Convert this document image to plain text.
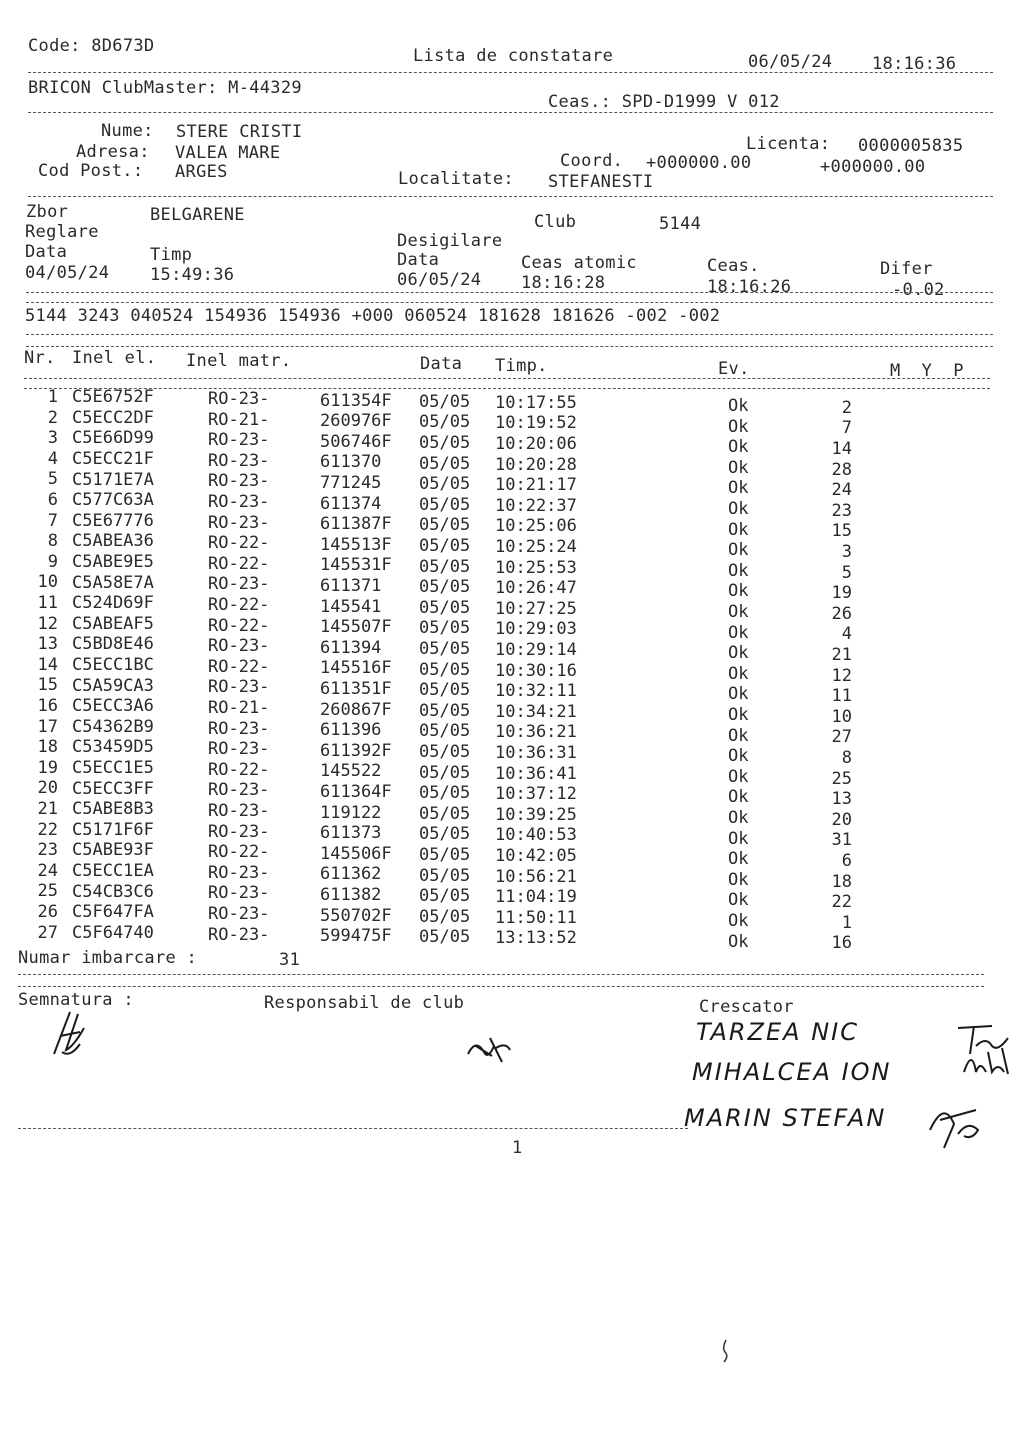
Code: 8D673D	Lista de constatare	06/05/24 18:16:36
BRICON ClubMaster: M-44329
Ceas.: SPD-D1999 V 012
Nume: STERE CRISTI
Adresa: VALEA MARE
Cod Post.: ARGES
Licenta: 0000005835
Coord. +000000.00	+000000.00
Localitate: STEFANESTI
Zbor	BELGARENE	Club	5144
Reglare	Desigilare
Data	Timp	Data	Ceas atomic	Ceas.	Difer
04/05/24 15:49:36	06/05/24 18:16:28	18:16:26	-0.02
5144 3243 040524 154936 154936 +000 060524 181628 181626 -002 -002
Nr. Inel el. Inel matr.	Data Timp.	Ev.	M  Y  P
1 C5E6752F	RO-23-	611354F 05/05 10:17:55	Ok	2
2 C5ECC2DF	RO-21-	260976F 05/05 10:19:52	Ok	7
3 C5E66D99	RO-23-	506746F 05/05 10:20:06	Ok	14
4 C5ECC21F	RO-23-	611370 05/05 10:20:28	Ok	28
5 C5171E7A	RO-23-	771245 05/05 10:21:17	Ok	24
6 C577C63A	RO-23-	611374 05/05 10:22:37	Ok	23
7 C5E67776	RO-23-	611387F 05/05 10:25:06	Ok	15
8 C5ABEA36	RO-22-	145513F 05/05 10:25:24	Ok	3
9 C5ABE9E5	RO-22-	145531F 05/05 10:25:53	Ok	5
10 C5A58E7A	RO-23-	611371 05/05 10:26:47	Ok	19
11 C524D69F	RO-22-	145541 05/05 10:27:25	Ok	26
12 C5ABEAF5	RO-22-	145507F 05/05 10:29:03	Ok	4
13 C5BD8E46	RO-23-	611394 05/05 10:29:14	Ok	21
14 C5ECC1BC	RO-22-	145516F 05/05 10:30:16	Ok	12
15 C5A59CA3	RO-23-	611351F 05/05 10:32:11	Ok	11
16 C5ECC3A6	RO-21-	260867F 05/05 10:34:21	Ok	10
17 C54362B9	RO-23-	611396 05/05 10:36:21	Ok	27
18 C53459D5	RO-23-	611392F 05/05 10:36:31	Ok	8
19 C5ECC1E5	RO-22-	145522 05/05 10:36:41	Ok	25
20 C5ECC3FF	RO-23-	611364F 05/05 10:37:12	Ok	13
21 C5ABE8B3	RO-23-	119122 05/05 10:39:25	Ok	20
22 C5171F6F	RO-23-	611373 05/05 10:40:53	Ok	31
23 C5ABE93F	RO-22-	145506F 05/05 10:42:05	Ok	6
24 C5ECC1EA	RO-23-	611362 05/05 10:56:21	Ok	18
25 C54CB3C6	RO-23-	611382 05/05 11:04:19	Ok	22
26 C5F647FA	RO-23-	550702F 05/05 11:50:11	Ok	1
27 C5F64740	RO-23-	599475F 05/05 13:13:52	Ok	16
Numar imbarcare :	31
Semnatura :	Responsabil de club	Crescator
TARZEA NIC
MIHALCEA ION
MARIN STEFAN
1
